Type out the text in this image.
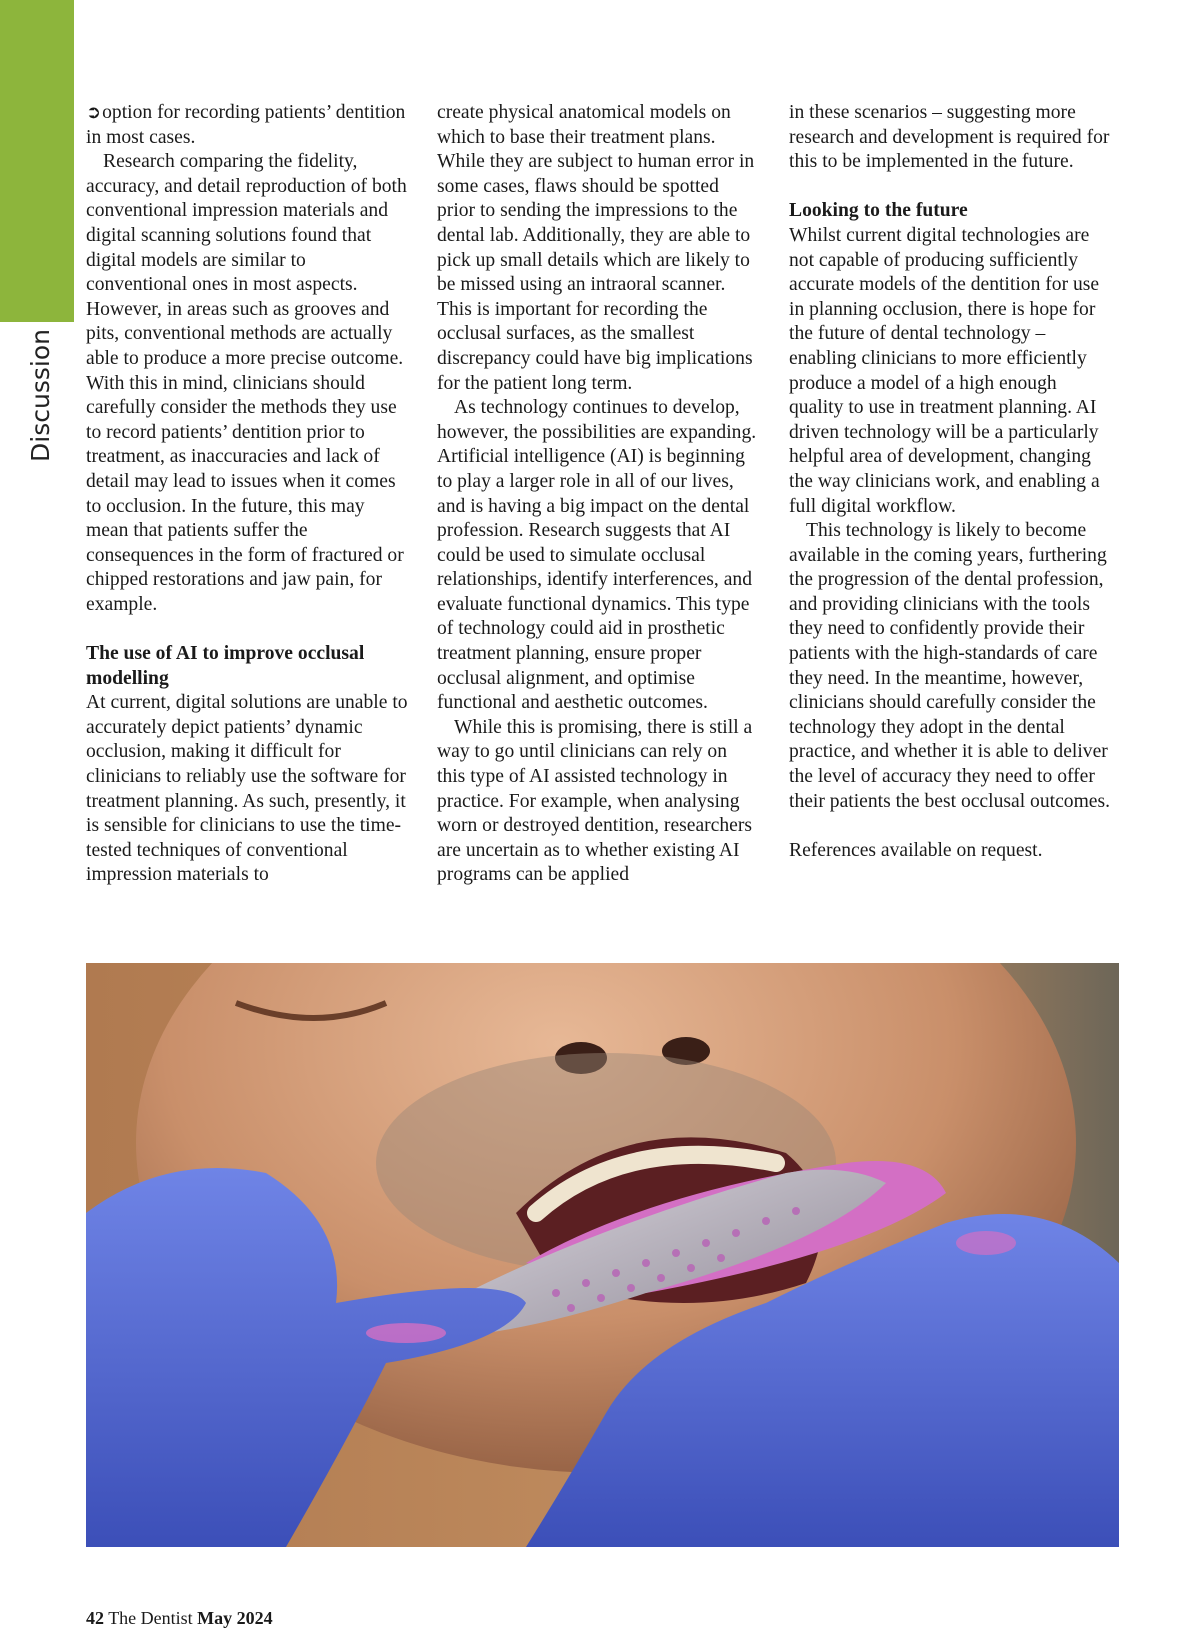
Discussion

➲option for recording patients’ dentition in most cases.

Research comparing the fidelity, accuracy, and detail reproduction of both conventional impression materials and digital scanning solutions found that digital models are similar to conventional ones in most aspects. However, in areas such as grooves and pits, conventional methods are actually able to produce a more precise outcome. With this in mind, clinicians should carefully consider the methods they use to record patients’ dentition prior to treatment, as inaccuracies and lack of detail may lead to issues when it comes to occlusion. In the future, this may mean that patients suffer the consequences in the form of fractured or chipped restorations and jaw pain, for example.

The use of AI to improve occlusal modelling

At current, digital solutions are unable to accurately depict patients’ dynamic occlusion, making it difficult for clinicians to reliably use the software for treatment planning. As such, presently, it is sensible for clinicians to use the time-tested techniques of conventional impression materials to

create physical anatomical models on which to base their treatment plans. While they are subject to human error in some cases, flaws should be spotted prior to sending the impressions to the dental lab. Additionally, they are able to pick up small details which are likely to be missed using an intraoral scanner. This is important for recording the occlusal surfaces, as the smallest discrepancy could have big implications for the patient long term.

As technology continues to develop, however, the possibilities are expanding. Artificial intelligence (AI) is beginning to play a larger role in all of our lives, and is having a big impact on the dental profession. Research suggests that AI could be used to simulate occlusal relationships, identify interferences, and evaluate functional dynamics. This type of technology could aid in prosthetic treatment planning, ensure proper occlusal alignment, and optimise functional and aesthetic outcomes.

While this is promising, there is still a way to go until clinicians can rely on this type of AI assisted technology in practice. For example, when analysing worn or destroyed dentition, researchers are uncertain as to whether existing AI programs can be applied

in these scenarios – suggesting more research and development is required for this to be implemented in the future.

Looking to the future

Whilst current digital technologies are not capable of producing sufficiently accurate models of the dentition for use in planning occlusion, there is hope for the future of dental technology – enabling clinicians to more efficiently produce a model of a high enough quality to use in treatment planning. AI driven technology will be a particularly helpful area of development, changing the way clinicians work, and enabling a full digital workflow.

This technology is likely to become available in the coming years, furthering the progression of the dental profession, and providing clinicians with the tools they need to confidently provide their patients with the high-standards of care they need. In the meantime, however, clinicians should carefully consider the technology they adopt in the dental practice, and whether it is able to deliver the level of accuracy they need to offer their patients the best occlusal outcomes.

References available on request.

42 The Dentist May 2024
